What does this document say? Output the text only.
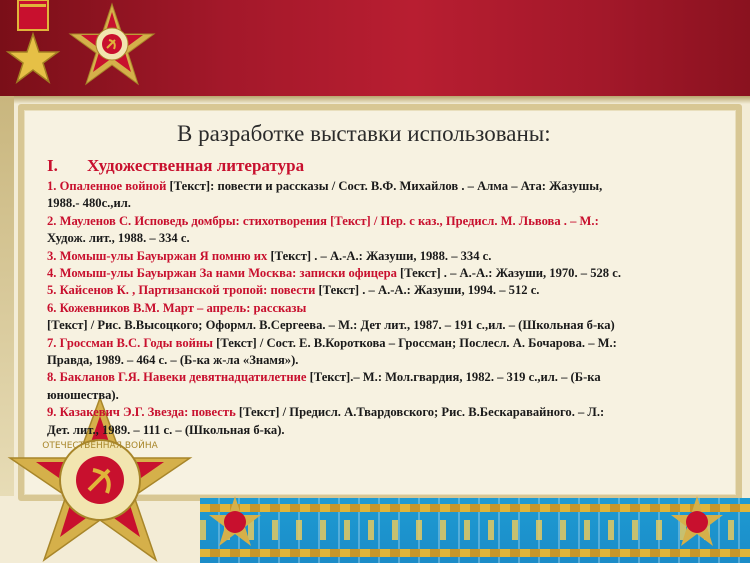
ОТЕЧЕСТВЕННАЯ ВОЙНА
В разработке выставки использованы:
I. Художественная литература
1. Опаленное войной [Текст]: повести и рассказы / Сост. В.Ф. Михайлов . – Алма – Ата: Жазушы,
1988.- 480с.,ил.
2. Мауленов С. Исповедь домбры: стихотворения [Текст] / Пер. с каз., Предисл. М. Львова . – М.:
Худож. лит., 1988. – 334 с.
3. Момыш-улы Бауыржан Я помню их [Текст] . – А.-А.: Жазуши, 1988. – 334 с.
4. Момыш-улы Бауыржан За нами Москва: записки офицера [Текст] . – А.-А.: Жазуши, 1970. – 528 с.
5. Кайсенов К. , Партизанской тропой: повести [Текст] . – А.-А.: Жазуши, 1994. – 512 с.
6. Кожевников В.М. Март – апрель: рассказы
[Текст] / Рис. В.Высоцкого; Оформл. В.Сергеева. – М.: Дет лит., 1987. – 191 с.,ил. – (Школьная б-ка)
7. Гроссман В.С. Годы войны [Текст] / Сост. Е. В.Короткова – Гроссман; Послесл. А. Бочарова. – М.:
Правда, 1989. – 464 с. – (Б-ка ж-ла «Знамя»).
8. Бакланов Г.Я. Навеки девятнадцатилетние [Текст].– М.: Мол.гвардия, 1982. – 319 с.,ил. – (Б-ка
юношества).
9. Казакевич Э.Г. Звезда: повесть [Текст] / Предисл. А.Твардовского; Рис. В.Бескаравайного. – Л.:
Дет. лит., 1989. – 111 с. – (Школьная б-ка).
